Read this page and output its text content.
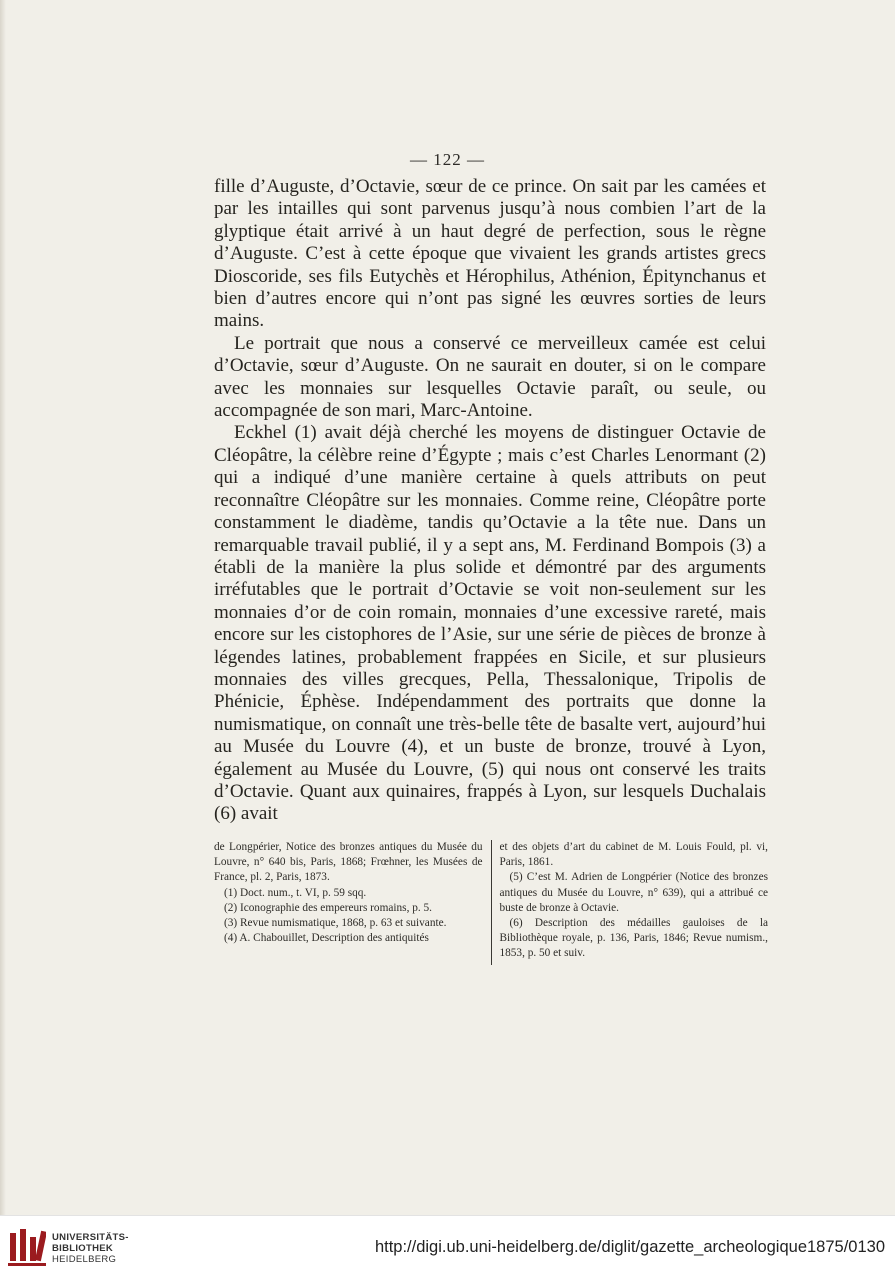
— 122 —

fille d’Auguste, d’Octavie, sœur de ce prince. On sait par les camées et par les intailles qui sont parvenus jusqu’à nous combien l’art de la glyptique était arrivé à un haut degré de perfection, sous le règne d’Auguste. C’est à cette époque que vivaient les grands artistes grecs Dioscoride, ses fils Eutychès et Hérophilus, Athénion, Épitynchanus et bien d’autres encore qui n’ont pas signé les œuvres sorties de leurs mains.

Le portrait que nous a conservé ce merveilleux camée est celui d’Octavie, sœur d’Auguste. On ne saurait en douter, si on le compare avec les monnaies sur lesquelles Octavie paraît, ou seule, ou accompagnée de son mari, Marc-Antoine.

Eckhel (1) avait déjà cherché les moyens de distinguer Octavie de Cléopâtre, la célèbre reine d’Égypte ; mais c’est Charles Lenormant (2) qui a indiqué d’une manière certaine à quels attributs on peut reconnaître Cléopâtre sur les monnaies. Comme reine, Cléopâtre porte constamment le diadème, tandis qu’Octavie a la tête nue. Dans un remarquable travail publié, il y a sept ans, M. Ferdinand Bompois (3) a établi de la manière la plus solide et démontré par des arguments irréfutables que le portrait d’Octavie se voit non-seulement sur les monnaies d’or de coin romain, monnaies d’une excessive rareté, mais encore sur les cistophores de l’Asie, sur une série de pièces de bronze à légendes latines, probablement frappées en Sicile, et sur plusieurs monnaies des villes grecques, Pella, Thessalonique, Tripolis de Phénicie, Éphèse. Indépendamment des portraits que donne la numismatique, on connaît une très-belle tête de basalte vert, aujourd’hui au Musée du Louvre (4), et un buste de bronze, trouvé à Lyon, également au Musée du Louvre, (5) qui nous ont conservé les traits d’Octavie. Quant aux quinaires, frappés à Lyon, sur lesquels Duchalais (6) avait

de Longpérier, Notice des bronzes antiques du Musée du Louvre, n° 640 bis, Paris, 1868; Frœhner, les Musées de France, pl. 2, Paris, 1873.

(1) Doct. num., t. VI, p. 59 sqq.

(2) Iconographie des empereurs romains, p. 5.

(3) Revue numismatique, 1868, p. 63 et suivante.

(4) A. Chabouillet, Description des antiquités

et des objets d’art du cabinet de M. Louis Fould, pl. vi, Paris, 1861.

(5) C’est M. Adrien de Longpérier (Notice des bronzes antiques du Musée du Louvre, n° 639), qui a attribué ce buste de bronze à Octavie.

(6) Description des médailles gauloises de la Bibliothèque royale, p. 136, Paris, 1846; Revue numism., 1853, p. 50 et suiv.

UNIVERSITÄTS-
BIBLIOTHEK
HEIDELBERG
http://digi.ub.uni-heidelberg.de/diglit/gazette_archeologique1875/0130
